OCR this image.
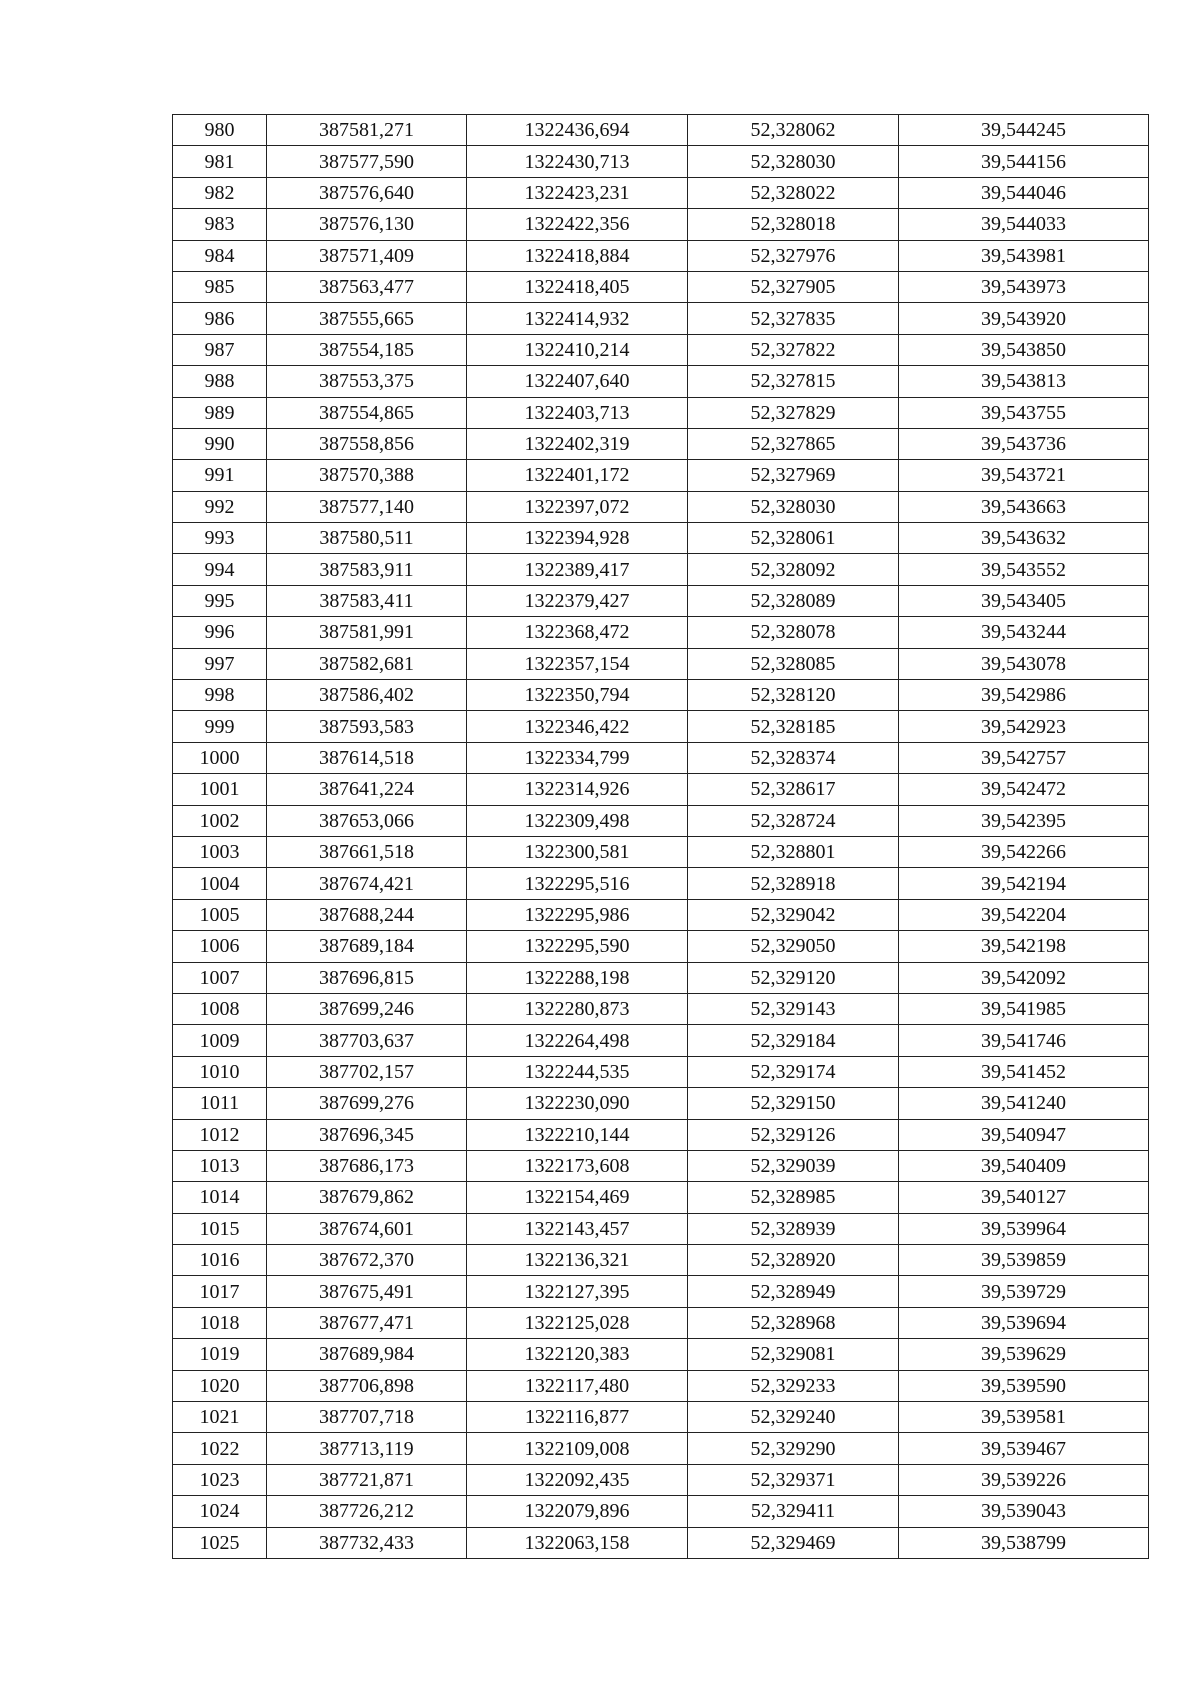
980	387581,271	1322436,694	52,328062	39,544245
981	387577,590	1322430,713	52,328030	39,544156
982	387576,640	1322423,231	52,328022	39,544046
983	387576,130	1322422,356	52,328018	39,544033
984	387571,409	1322418,884	52,327976	39,543981
985	387563,477	1322418,405	52,327905	39,543973
986	387555,665	1322414,932	52,327835	39,543920
987	387554,185	1322410,214	52,327822	39,543850
988	387553,375	1322407,640	52,327815	39,543813
989	387554,865	1322403,713	52,327829	39,543755
990	387558,856	1322402,319	52,327865	39,543736
991	387570,388	1322401,172	52,327969	39,543721
992	387577,140	1322397,072	52,328030	39,543663
993	387580,511	1322394,928	52,328061	39,543632
994	387583,911	1322389,417	52,328092	39,543552
995	387583,411	1322379,427	52,328089	39,543405
996	387581,991	1322368,472	52,328078	39,543244
997	387582,681	1322357,154	52,328085	39,543078
998	387586,402	1322350,794	52,328120	39,542986
999	387593,583	1322346,422	52,328185	39,542923
1000	387614,518	1322334,799	52,328374	39,542757
1001	387641,224	1322314,926	52,328617	39,542472
1002	387653,066	1322309,498	52,328724	39,542395
1003	387661,518	1322300,581	52,328801	39,542266
1004	387674,421	1322295,516	52,328918	39,542194
1005	387688,244	1322295,986	52,329042	39,542204
1006	387689,184	1322295,590	52,329050	39,542198
1007	387696,815	1322288,198	52,329120	39,542092
1008	387699,246	1322280,873	52,329143	39,541985
1009	387703,637	1322264,498	52,329184	39,541746
1010	387702,157	1322244,535	52,329174	39,541452
1011	387699,276	1322230,090	52,329150	39,541240
1012	387696,345	1322210,144	52,329126	39,540947
1013	387686,173	1322173,608	52,329039	39,540409
1014	387679,862	1322154,469	52,328985	39,540127
1015	387674,601	1322143,457	52,328939	39,539964
1016	387672,370	1322136,321	52,328920	39,539859
1017	387675,491	1322127,395	52,328949	39,539729
1018	387677,471	1322125,028	52,328968	39,539694
1019	387689,984	1322120,383	52,329081	39,539629
1020	387706,898	1322117,480	52,329233	39,539590
1021	387707,718	1322116,877	52,329240	39,539581
1022	387713,119	1322109,008	52,329290	39,539467
1023	387721,871	1322092,435	52,329371	39,539226
1024	387726,212	1322079,896	52,329411	39,539043
1025	387732,433	1322063,158	52,329469	39,538799
